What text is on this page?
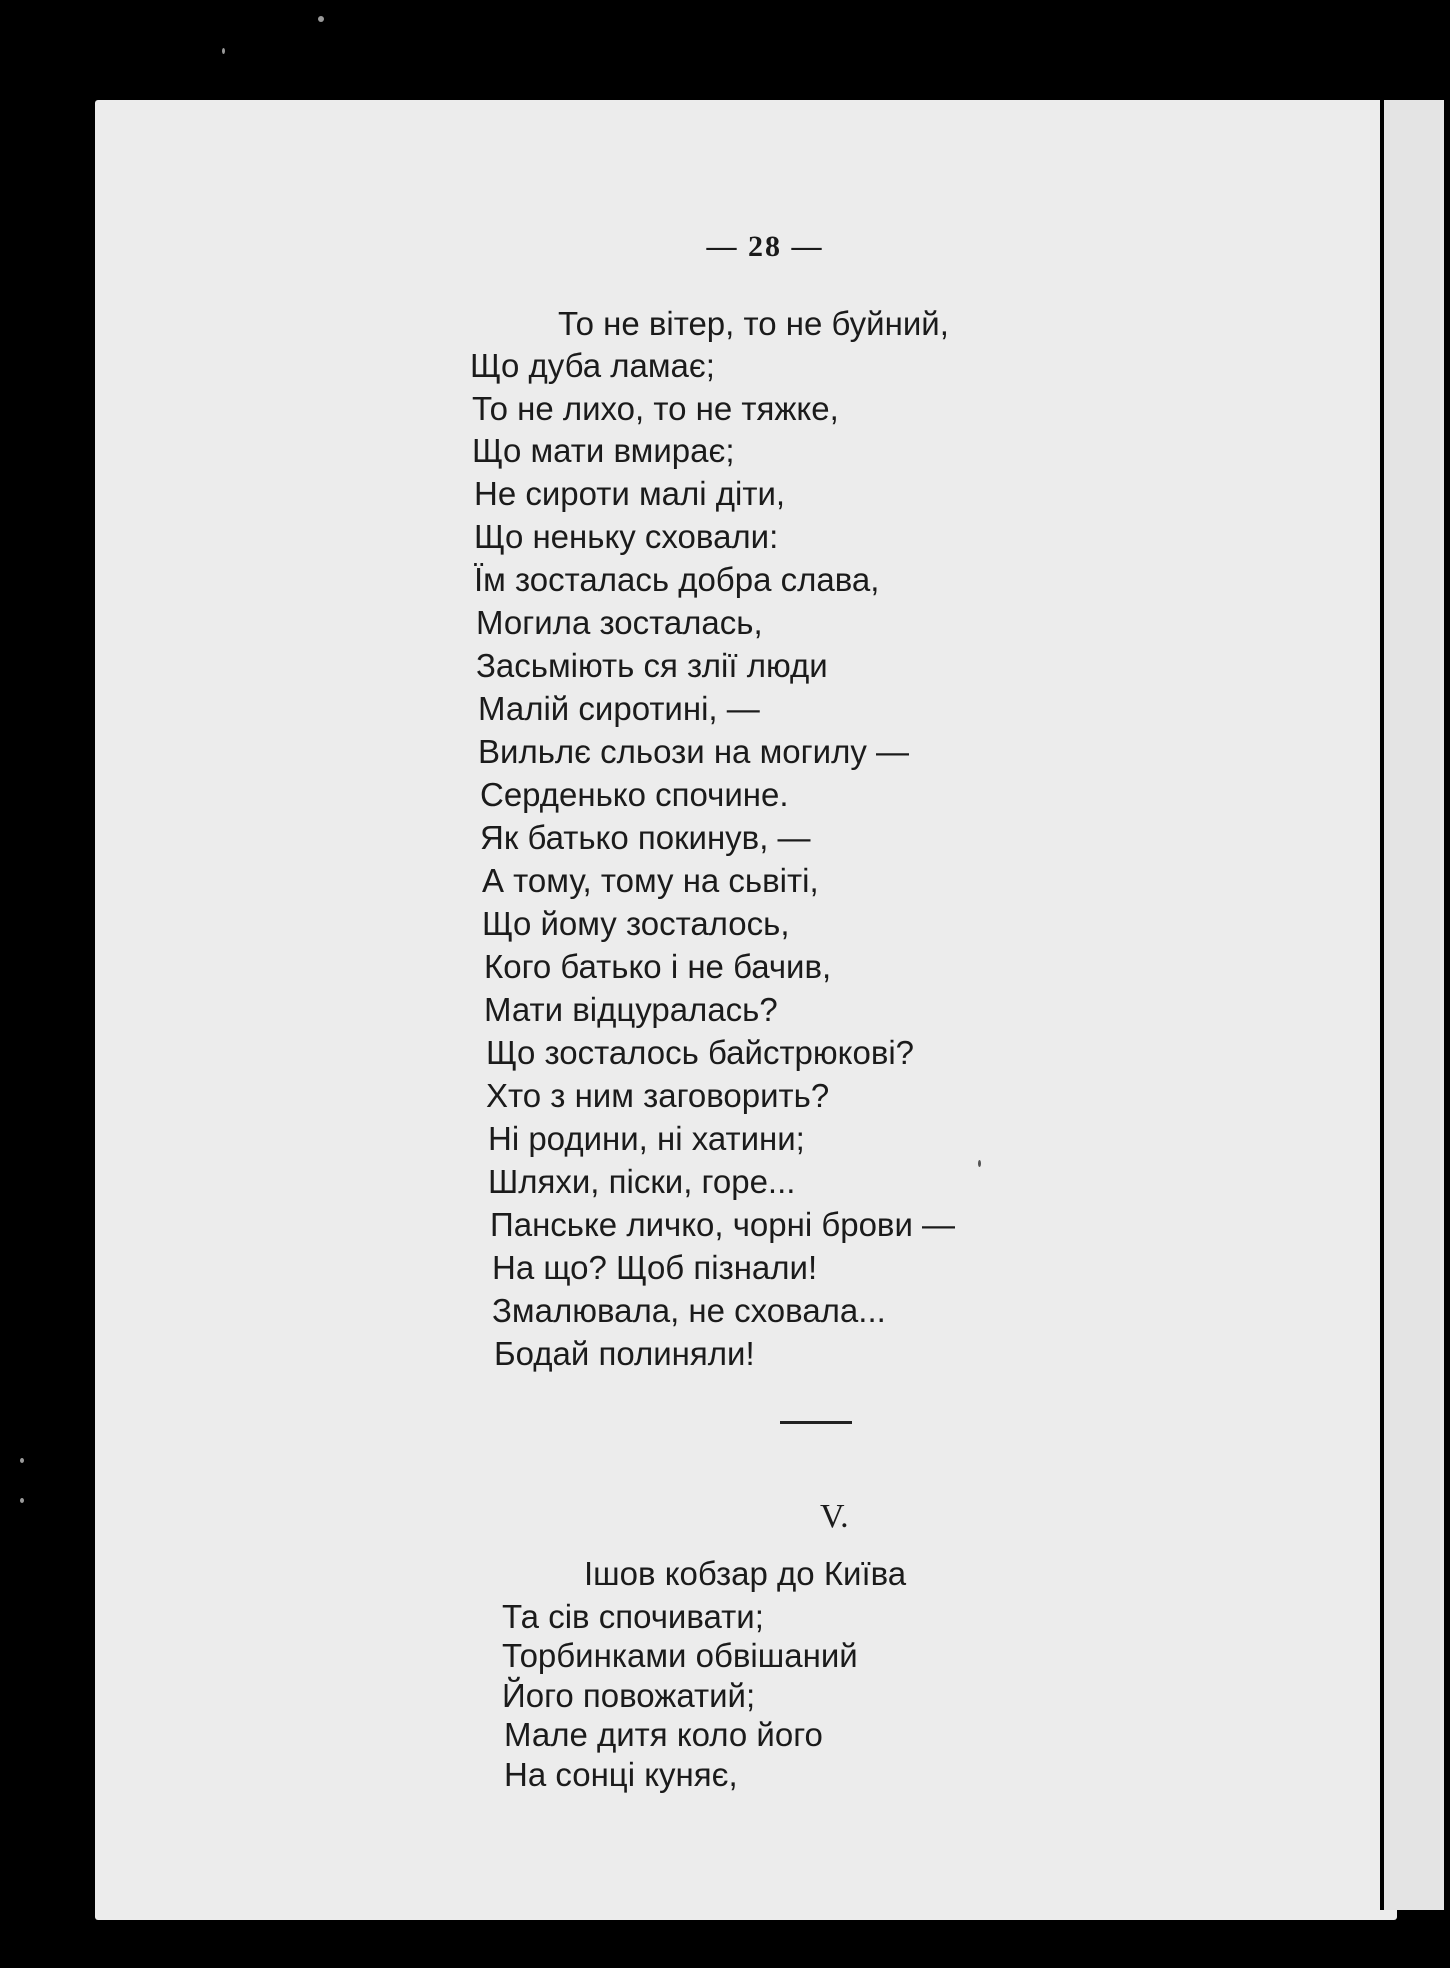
— 28 —
То не вітер, то не буйний,
Що дуба ламає;
То не лихо, то не тяжке,
Що мати вмирає;
Не сироти малі діти,
Що неньку сховали:
Їм зосталась добра слава,
Могила зосталась,
Засьміють ся злії люди
Малій сиротині, —
Вильлє сльози на могилу —
Серденько спочине.
Як батько покинув, —
А тому, тому на сьвіті,
Що йому зосталось,
Кого батько і не бачив,
Мати відцуралась?
Що зосталось байстрюкові?
Хто з ним заговорить?
Ні родини, ні хатини;
Шляхи, піски, горе...
Панське личко, чорні брови —
На що? Щоб пізнали!
Змалювала, не сховала...
Бодай полиняли!
V.
Ішов кобзар до Київа
Та сів спочивати;
Торбинками обвішаний
Його повожатий;
Мале дитя коло його
На сонці куняє,
